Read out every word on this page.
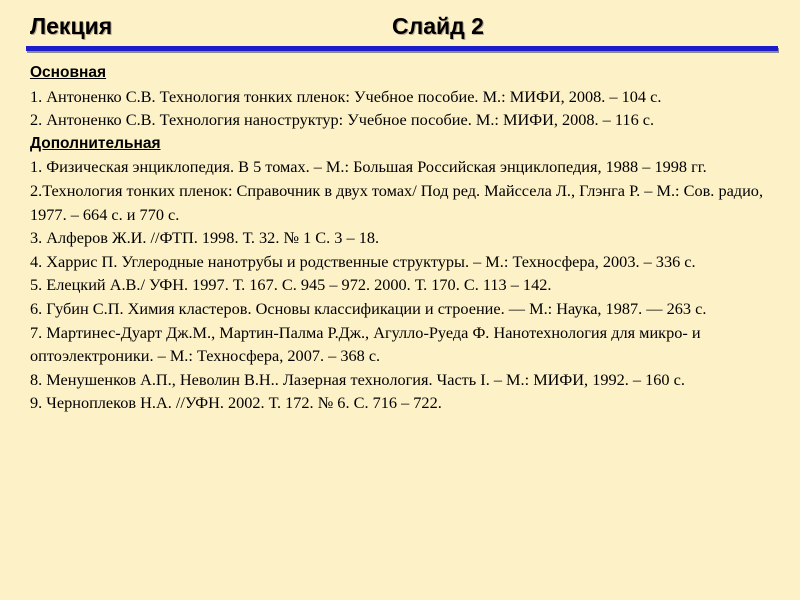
Лекция	Слайд 2
Основная

1. Антоненко С.В. Технология тонких пленок: Учебное пособие. М.: МИФИ, 2008. – 104 с.

2. Антоненко С.В. Технология наноструктур: Учебное пособие. М.: МИФИ, 2008. – 116 с.

Дополнительная

1. Физическая энциклопедия. В 5 томах. – М.: Большая Российская энциклопедия, 1988 – 1998 гг.

2.Технология тонких пленок: Справочник в двух томах/ Под ред. Майссела Л., Глэнга Р. – М.: Сов. радио, 1977. – 664 с. и 770 с.

3. Алферов Ж.И. //ФТП. 1998. Т. 32. № 1 С. 3 – 18.

4. Харрис П. Углеродные нанотрубы и родственные структуры. – М.: Техносфера, 2003. – 336 с.

5. Елецкий А.В./ УФН. 1997. Т. 167. С. 945 – 972. 2000. Т. 170. С. 113 – 142.

6. Губин С.П. Химия кластеров. Основы классификации и строение. — М.: Наука, 1987. — 263 с.

7. Мартинес-Дуарт Дж.М., Мартин-Палма Р.Дж., Агулло-Руеда Ф. Нанотехнология для микро- и оптоэлектроники. – М.: Техносфера, 2007. – 368 с.

8. Менушенков А.П., Неволин В.Н.. Лазерная технология. Часть I. – М.: МИФИ, 1992. – 160 с.

9. Черноплеков Н.А. //УФН. 2002. Т. 172. № 6. С. 716 – 722.
